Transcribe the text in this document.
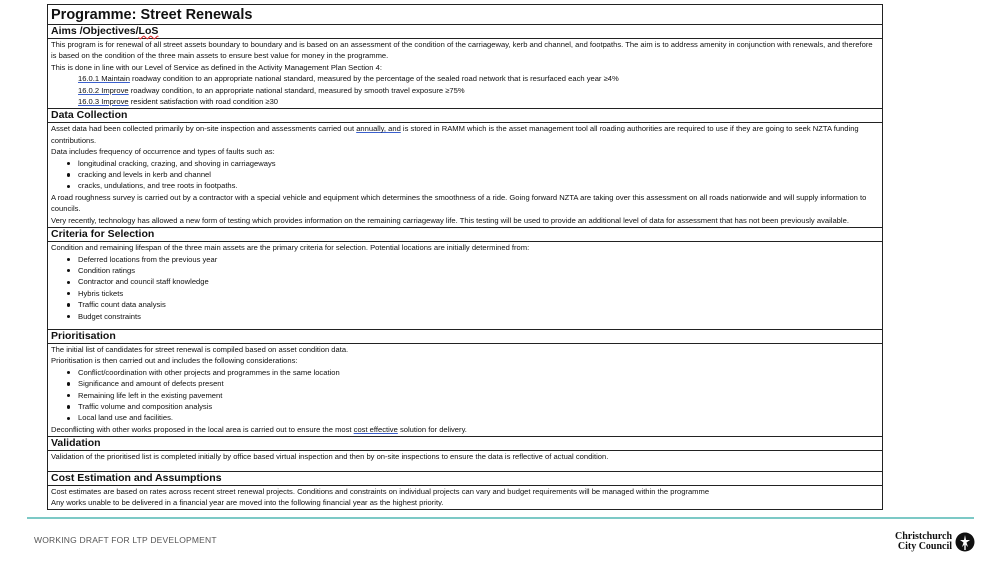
Programme: Street Renewals
Aims /Objectives/LoS

This program is for renewal of all street assets boundary to boundary and is based on an assessment of the condition of the carriageway, kerb and channel, and footpaths. The aim is to address amenity in conjunction with renewals, and therefore is based on the condition of the three main assets to ensure best value for money in the programme.

This is done in line with our Level of Service as defined in the Activity Management Plan Section 4:

16.0.1 Maintain roadway condition to an appropriate national standard, measured by the percentage of the sealed road network that is resurfaced each year ≥4%

16.0.2 Improve roadway condition, to an appropriate national standard, measured by smooth travel exposure ≥75%

16.0.3 Improve resident satisfaction with road condition ≥30

Data Collection

Asset data had been collected primarily by on-site inspection and assessments carried out annually, and is stored in RAMM which is the asset management tool all roading authorities are required to use if they are going to seek NZTA funding contributions.

Data includes frequency of occurrence and types of faults such as:

longitudinal cracking, crazing, and shoving in carriageways
cracking and levels in kerb and channel
cracks, undulations, and tree roots in footpaths.

A road roughness survey is carried out by a contractor with a special vehicle and equipment which determines the smoothness of a ride. Going forward NZTA are taking over this assessment on all roads nationwide and will supply information to councils.

Very recently, technology has allowed a new form of testing which provides information on the remaining carriageway life. This testing will be used to provide an additional level of data for assessment that has not been previously available.

Criteria for Selection

Condition and remaining lifespan of the three main assets are the primary criteria for selection. Potential locations are initially determined from:

Deferred locations from the previous year
Condition ratings
Contractor and council staff knowledge
Hybris tickets
Traffic count data analysis
Budget constraints

Prioritisation

The initial list of candidates for street renewal is compiled based on asset condition data.

Prioritisation is then carried out and includes the following considerations:

Conflict/coordination with other projects and programmes in the same location
Significance and amount of defects present
Remaining life left in the existing pavement
Traffic volume and composition analysis
Local land use and facilities.

Deconflicting with other works proposed in the local area is carried out to ensure the most cost effective solution for delivery.

Validation

Validation of the prioritised list is completed initially by office based virtual inspection and then by on-site inspections to ensure the data is reflective of actual condition.

Cost Estimation and Assumptions

Cost estimates are based on rates across recent street renewal projects. Conditions and constraints on individual projects can vary and budget requirements will be managed within the programme

Any works unable to be delivered in a financial year are moved into the following financial year as the highest priority.

WORKING DRAFT FOR LTP DEVELOPMENT	Christchurch
City Council
